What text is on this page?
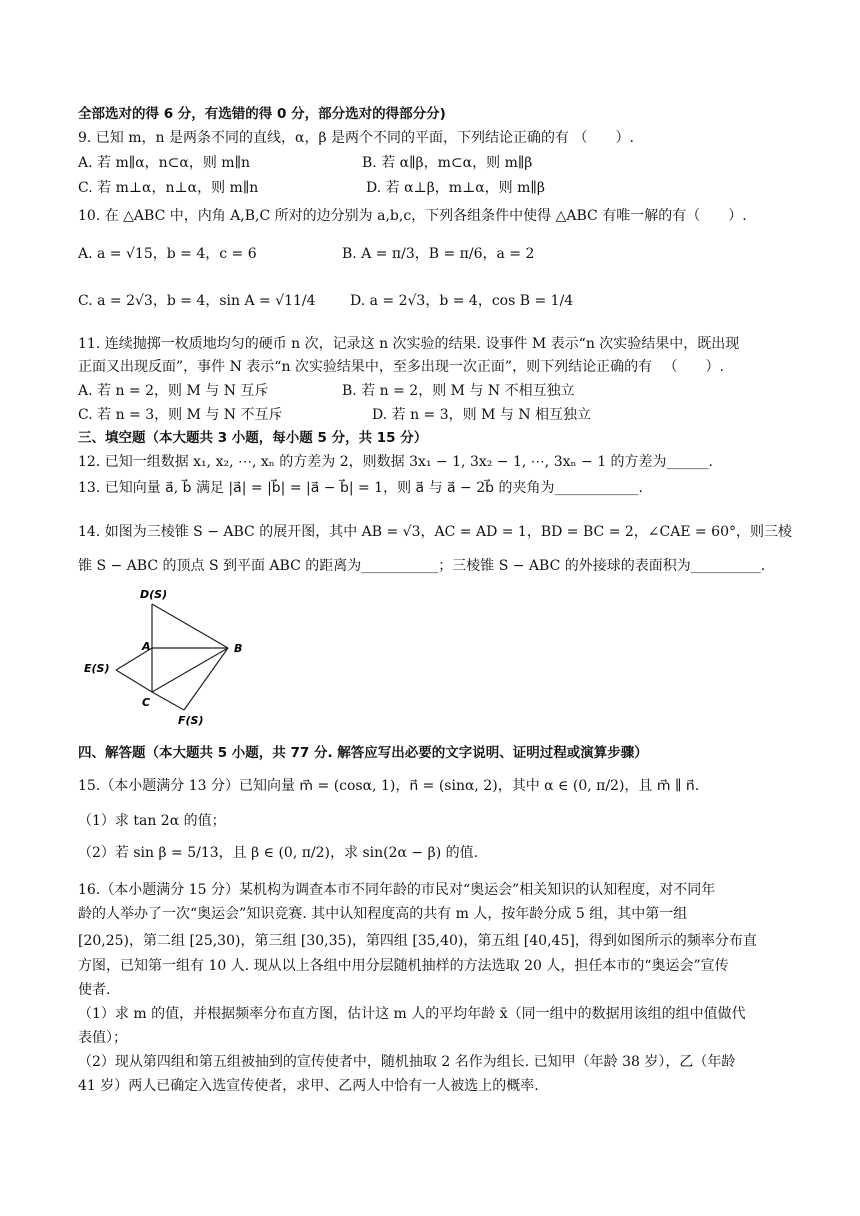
全部选对的得 6 分，有选错的得 0 分，部分选对的得部分分)
9. 已知 m，n 是两条不同的直线，α，β 是两个不同的平面，下列结论正确的有 （　　）.
A. 若 m∥α，n⊂α，则 m∥n	B. 若 α∥β，m⊂α，则 m∥β
C. 若 m⊥α，n⊥α，则 m∥n	D. 若 α⊥β，m⊥α，则 m∥β
10. 在 △ABC 中，内角 A,B,C 所对的边分别为 a,b,c，下列各组条件中使得 △ABC 有唯一解的有（　　）.
A. a = √15，b = 4，c = 6	B. A = π/3，B = π/6，a = 2
C. a = 2√3，b = 4，sin A = √11/4 D. a = 2√3，b = 4，cos B = 1/4
11. 连续抛掷一枚质地均匀的硬币 n 次，记录这 n 次实验的结果. 设事件 M 表示“n 次实验结果中，既出现
正面又出现反面”，事件 N 表示“n 次实验结果中，至多出现一次正面”，则下列结论正确的有 　（　　）.
A. 若 n = 2，则 M 与 N 互斥	B. 若 n = 2，则 M 与 N 不相互独立
C. 若 n = 3，则 M 与 N 不互斥	D. 若 n = 3，则 M 与 N 相互独立
三、填空题（本大题共 3 小题，每小题 5 分，共 15 分）
12. 已知一组数据 x₁, x₂, ⋯, xₙ 的方差为 2，则数据 3x₁ − 1, 3x₂ − 1, ⋯, 3xₙ − 1 的方差为______.
13. 已知向量 a⃗, b⃗ 满足 |a⃗| = |b⃗| = |a⃗ − b⃗| = 1，则 a⃗ 与 a⃗ − 2b⃗ 的夹角为____________.
14. 如图为三棱锥 S − ABC 的展开图，其中 AB = √3，AC = AD = 1，BD = BC = 2，∠CAE = 60°，则三棱
锥 S − ABC 的顶点 S 到平面 ABC 的距离为___________；三棱锥 S − ABC 的外接球的表面积为__________.
D(S)
A	B
E(S)
C
F(S)
四、解答题（本大题共 5 小题，共 77 分. 解答应写出必要的文字说明、证明过程或演算步骤）
15.（本小题满分 13 分）已知向量 m⃗ = (cosα, 1)，n⃗ = (sinα, 2)，其中 α ∈ (0, π/2)，且 m⃗ ∥ n⃗.
（1）求 tan 2α 的值；
（2）若 sin β = 5/13，且 β ∈ (0, π/2)，求 sin(2α − β) 的值.
16.（本小题满分 15 分）某机构为调查本市不同年龄的市民对“奥运会”相关知识的认知程度，对不同年
龄的人举办了一次“奥运会”知识竞赛. 其中认知程度高的共有 m 人，按年龄分成 5 组，其中第一组
[20,25)，第二组 [25,30)，第三组 [30,35)，第四组 [35,40)，第五组 [40,45]，得到如图所示的频率分布直
方图，已知第一组有 10 人. 现从以上各组中用分层随机抽样的方法选取 20 人，担任本市的“奥运会”宣传
使者.
（1）求 m 的值，并根据频率分布直方图，估计这 m 人的平均年龄 x̄（同一组中的数据用该组的组中值做代
表值）；
（2）现从第四组和第五组被抽到的宣传使者中，随机抽取 2 名作为组长. 已知甲（年龄 38 岁），乙（年龄
41 岁）两人已确定入选宣传使者，求甲、乙两人中恰有一人被选上的概率.
